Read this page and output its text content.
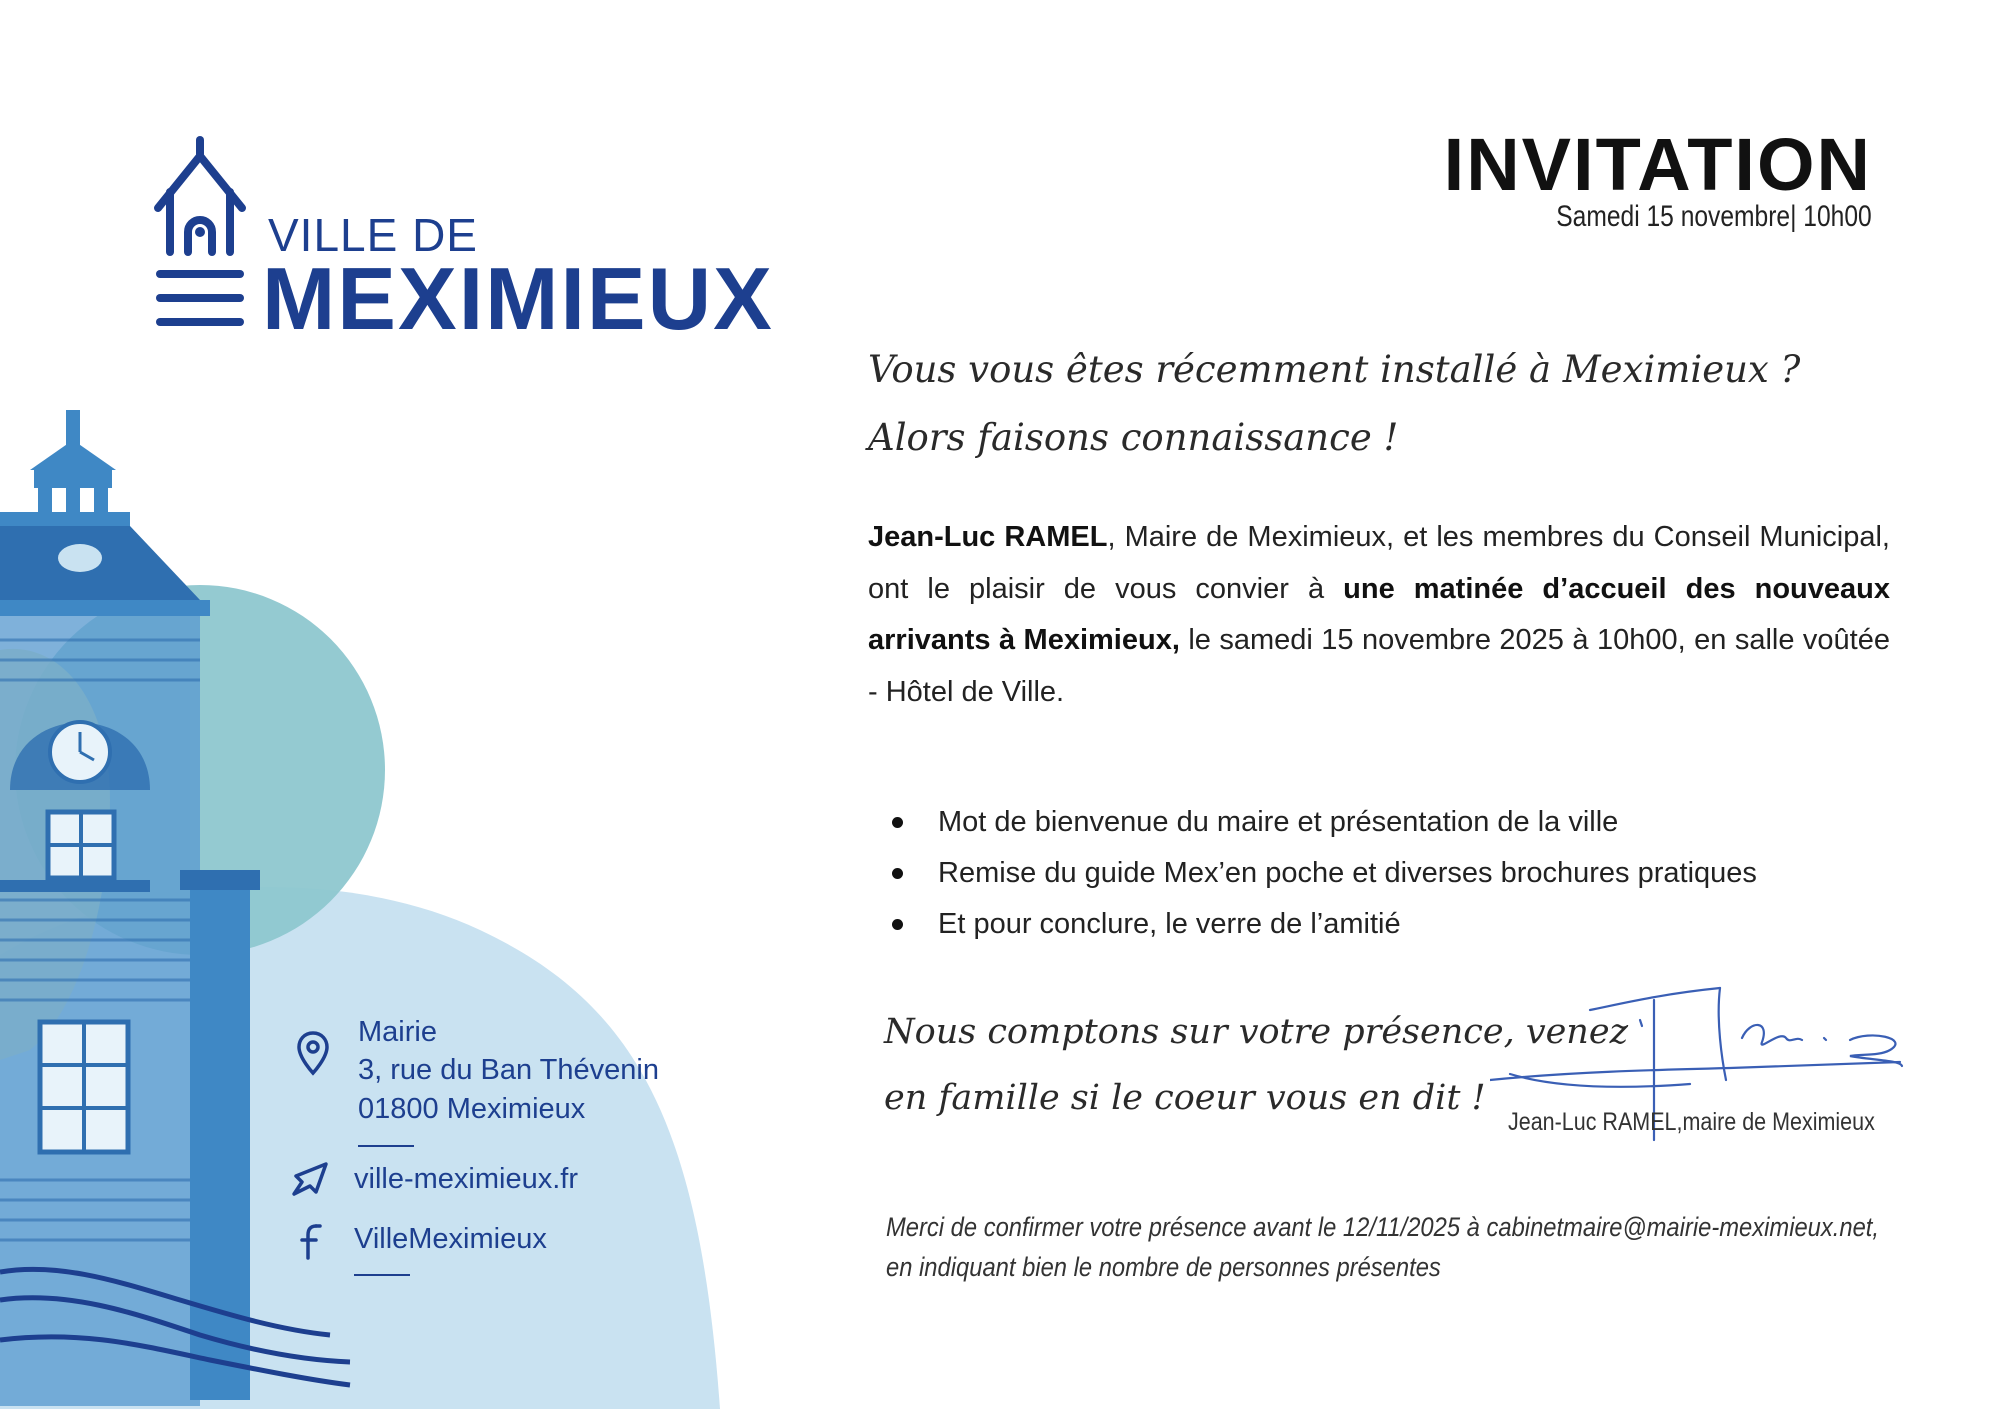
VILLE DE
MEXIMIEUX
Mairie
3, rue du Ban Thévenin
01800 Meximieux
ville-meximieux.fr
VilleMeximieux
INVITATION
Samedi 15 novembre| 10h00
Vous vous êtes récemment installé à Meximieux ?
Alors faisons connaissance !

Jean-Luc RAMEL, Maire de Meximieux, et les membres du Conseil Municipal, ont le plaisir de vous convier à une matinée d’accueil des nouveaux arrivants à Meximieux, le samedi 15 novembre 2025 à 10h00, en salle voûtée - Hôtel de Ville.

Mot de bienvenue du maire et présentation de la ville
Remise du guide Mex’en poche et diverses brochures pratiques
Et pour conclure, le verre de l’amitié
Nous comptons sur votre présence, venez
en famille si le coeur vous en dit !
Jean-Luc RAMEL,maire de Meximieux
Merci de confirmer votre présence avant le 12/11/2025 à cabinetmaire@mairie-meximieux.net,
en indiquant bien le nombre de personnes présentes
